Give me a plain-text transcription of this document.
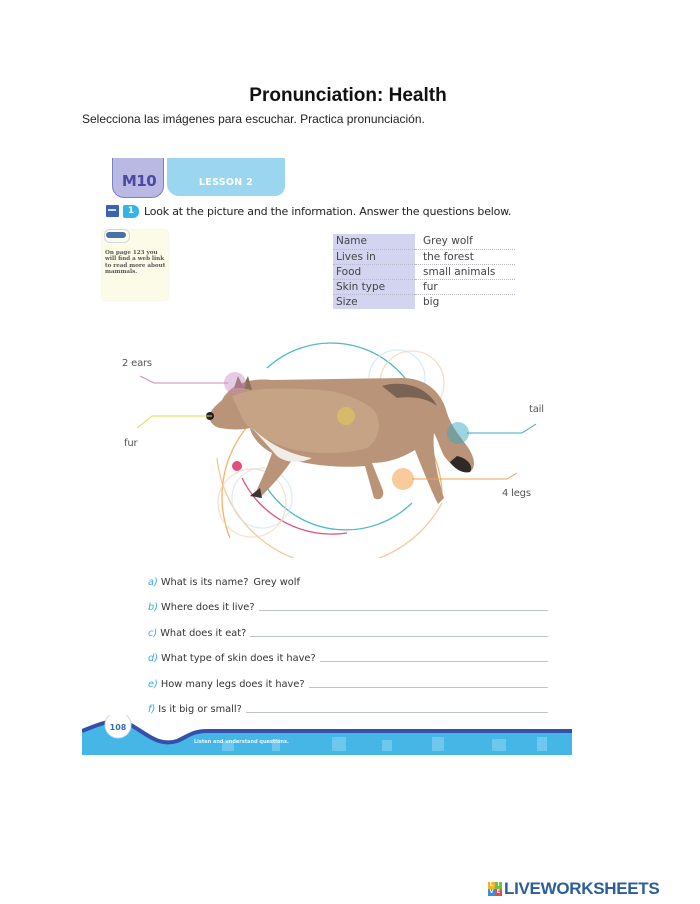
Pronunciation: Health
Selecciona las imágenes para escuchar. Practica pronunciación.
M10	LESSON 2
1 Look at the picture and the information. Answer the questions below.
On page 123 you will find a web link to read more about mammals.
Name	Grey wolf
Lives in	the forest
Food	small animals
Skin type	fur
Size	big
2 ears
fur
tail
4 legs
a) What is its name? Grey wolf
b) Where does it live?
c) What does it eat?
d) What type of skin does it have?
e) How many legs does it have?
f) Is it big or small?
108
Listen and understand questions.
L I
V E LIVEWORKSHEETS
